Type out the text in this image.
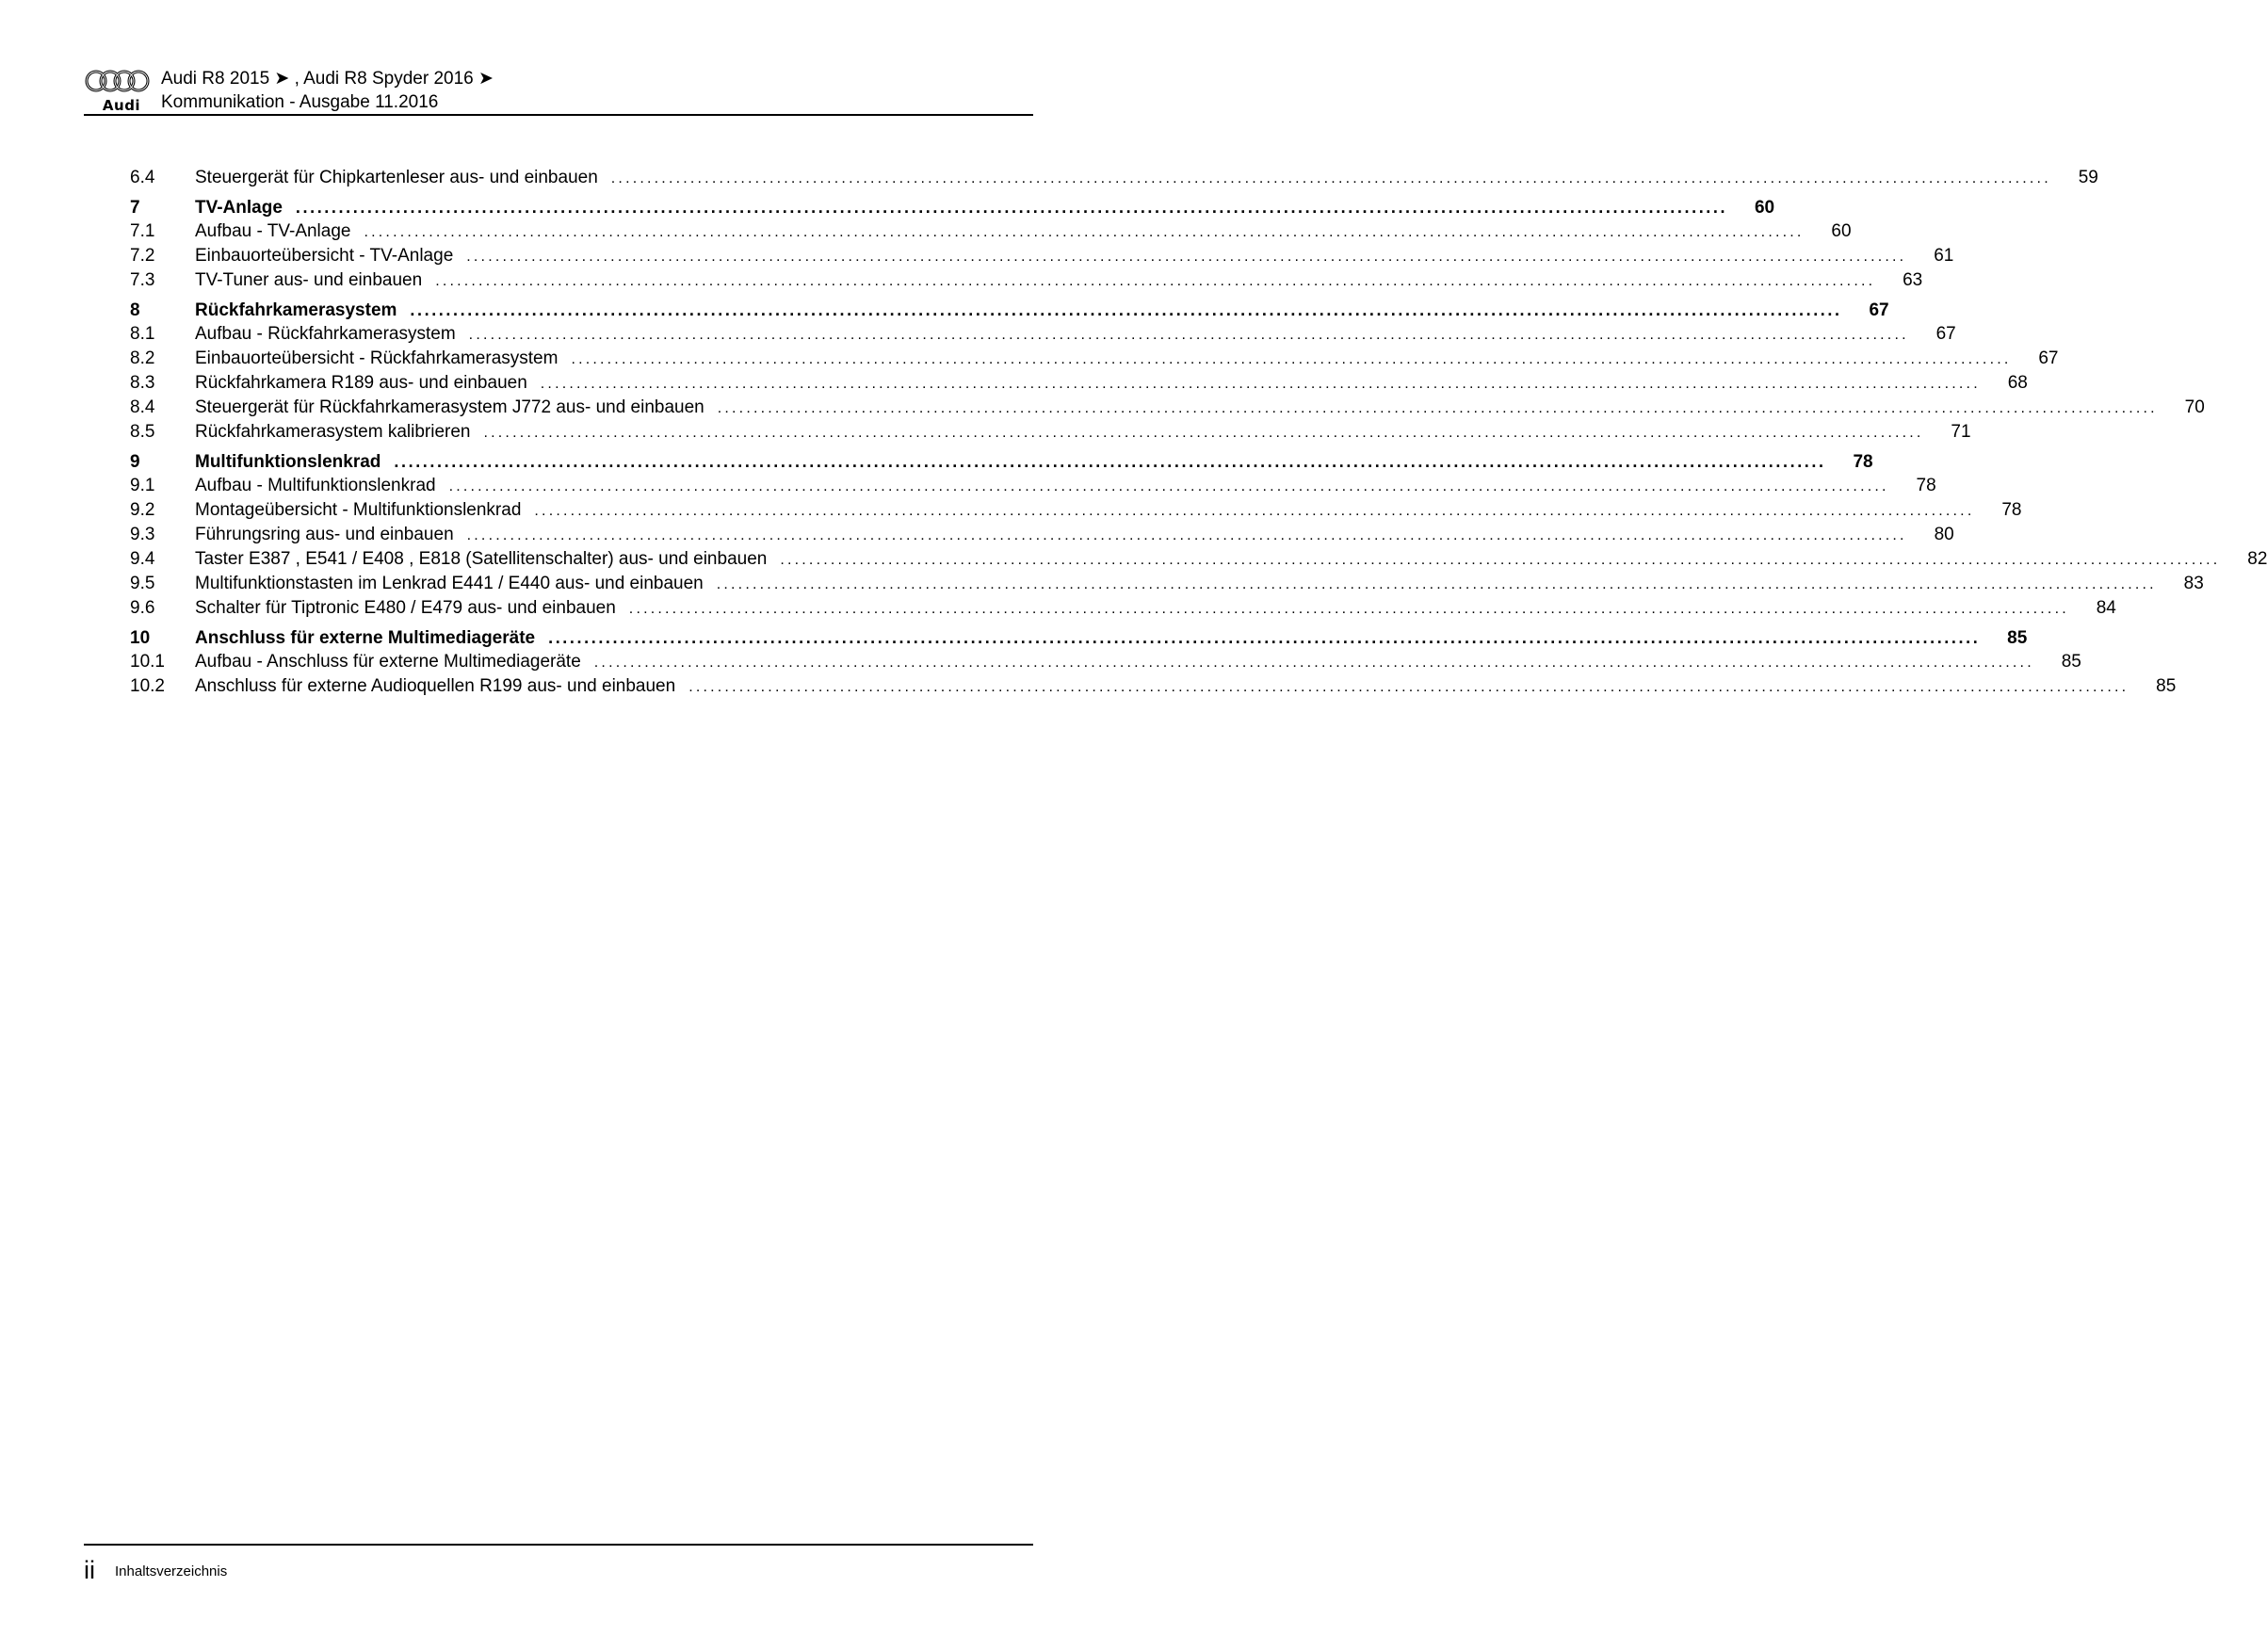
Audi
Audi R8 2015 ➤ , Audi R8 Spyder 2016 ➤
Kommunikation - Ausgabe 11.2016
6.4	Steuergerät für Chipkartenleser aus- und einbauen ........................................................................................................................................................................................................	59
7	TV-Anlage ........................................................................................................................................................................................................	60
7.1	Aufbau - TV-Anlage ........................................................................................................................................................................................................	60
7.2	Einbauorteübersicht - TV-Anlage ........................................................................................................................................................................................................	61
7.3	TV-Tuner aus- und einbauen ........................................................................................................................................................................................................	63
8	Rückfahrkamerasystem ........................................................................................................................................................................................................	67
8.1	Aufbau - Rückfahrkamerasystem ........................................................................................................................................................................................................	67
8.2	Einbauorteübersicht - Rückfahrkamerasystem ........................................................................................................................................................................................................	67
8.3	Rückfahrkamera R189 aus- und einbauen ........................................................................................................................................................................................................	68
8.4	Steuergerät für Rückfahrkamerasystem J772 aus- und einbauen ........................................................................................................................................................................................................	70
8.5	Rückfahrkamerasystem kalibrieren ........................................................................................................................................................................................................	71
9	Multifunktionslenkrad ........................................................................................................................................................................................................	78
9.1	Aufbau - Multifunktionslenkrad ........................................................................................................................................................................................................	78
9.2	Montageübersicht - Multifunktionslenkrad ........................................................................................................................................................................................................	78
9.3	Führungsring aus- und einbauen ........................................................................................................................................................................................................	80
9.4	Taster E387 , E541 / E408 , E818 (Satellitenschalter) aus- und einbauen ........................................................................................................................................................................................................	82
9.5	Multifunktionstasten im Lenkrad E441 / E440 aus- und einbauen ........................................................................................................................................................................................................	83
9.6	Schalter für Tiptronic E480 / E479 aus- und einbauen ........................................................................................................................................................................................................	84
10	Anschluss für externe Multimediageräte ........................................................................................................................................................................................................	85
10.1	Aufbau - Anschluss für externe Multimediageräte ........................................................................................................................................................................................................	85
10.2	Anschluss für externe Audioquellen R199 aus- und einbauen ........................................................................................................................................................................................................	85
ii Inhaltsverzeichnis
